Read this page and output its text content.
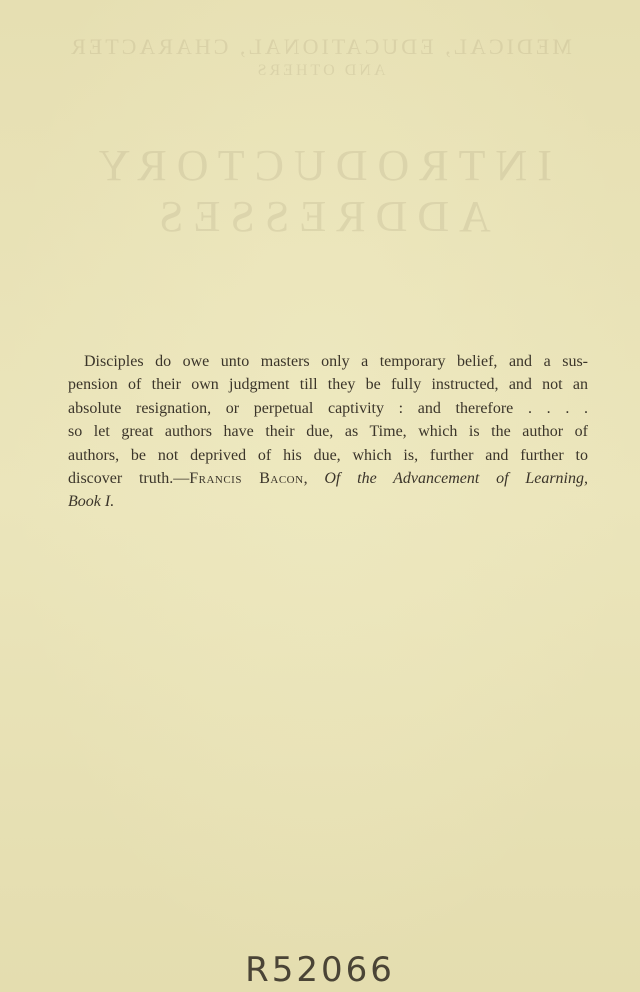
MEDICAL, EDUCATIONAL, CHARACTER
AND OTHERS
INTRODUCTORY ADDRESSES
Disciples do owe unto masters only a temporary belief, and a sus-
pension of their own judgment till they be fully instructed, and not an
absolute resignation, or perpetual captivity : and therefore . . . .
so let great authors have their due, as Time, which is the author of
authors, be not deprived of his due, which is, further and further to
discover truth.—Francis Bacon, Of the Advancement of Learning,
Book I.
R52066
